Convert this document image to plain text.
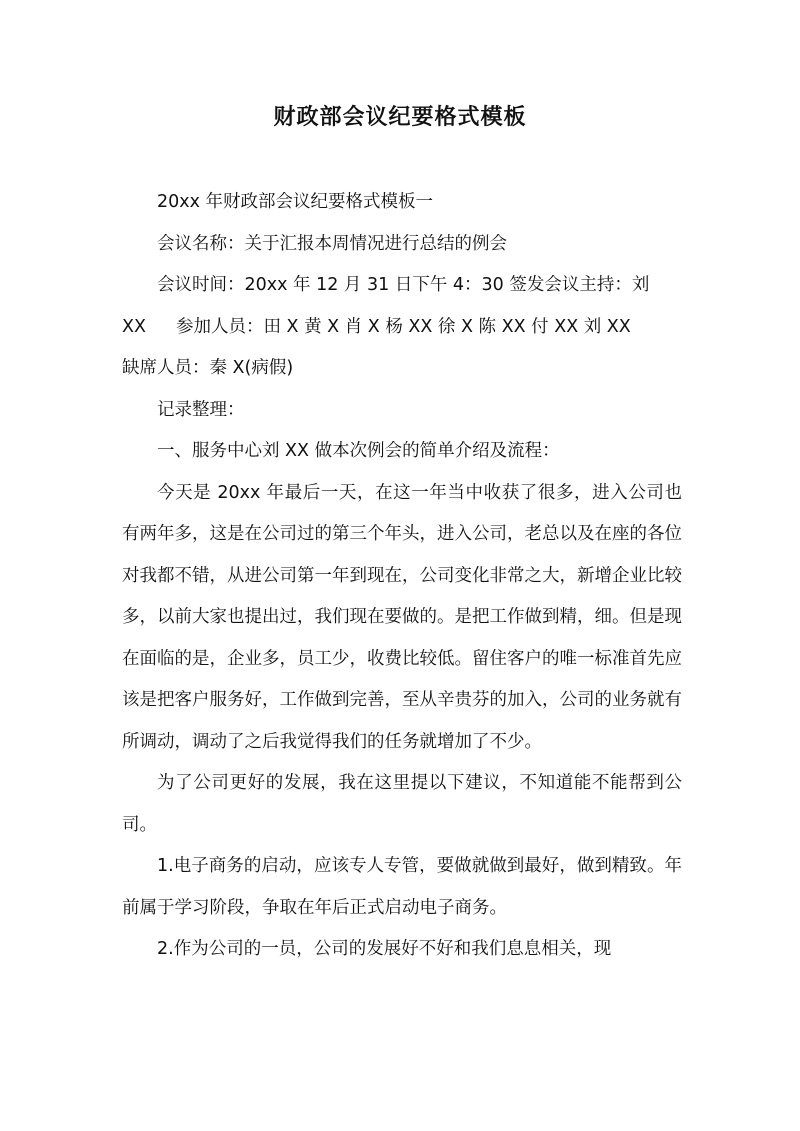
财政部会议纪要格式模板

20xx 年财政部会议纪要格式模板一

会议名称：关于汇报本周情况进行总结的例会

会议时间：20xx 年 12 月 31 日下午 4：30 签发会议主持：刘

XX 参加人员：田 X 黄 X 肖 X 杨 XX 徐 X 陈 XX 付 XX 刘 XX

缺席人员：秦 X(病假)

记录整理：

一、服务中心刘 XX 做本次例会的简单介绍及流程：

今天是 20xx 年最后一天，在这一年当中收获了很多，进入公司也有两年多，这是在公司过的第三个年头，进入公司，老总以及在座的各位对我都不错，从进公司第一年到现在，公司变化非常之大，新增企业比较多，以前大家也提出过，我们现在要做的。是把工作做到精，细。但是现在面临的是，企业多，员工少，收费比较低。留住客户的唯一标准首先应该是把客户服务好，工作做到完善，至从辛贵芬的加入，公司的业务就有所调动，调动了之后我觉得我们的任务就增加了不少。

为了公司更好的发展，我在这里提以下建议，不知道能不能帮到公司。

1.电子商务的启动，应该专人专管，要做就做到最好，做到精致。年前属于学习阶段，争取在年后正式启动电子商务。

2.作为公司的一员，公司的发展好不好和我们息息相关，现
